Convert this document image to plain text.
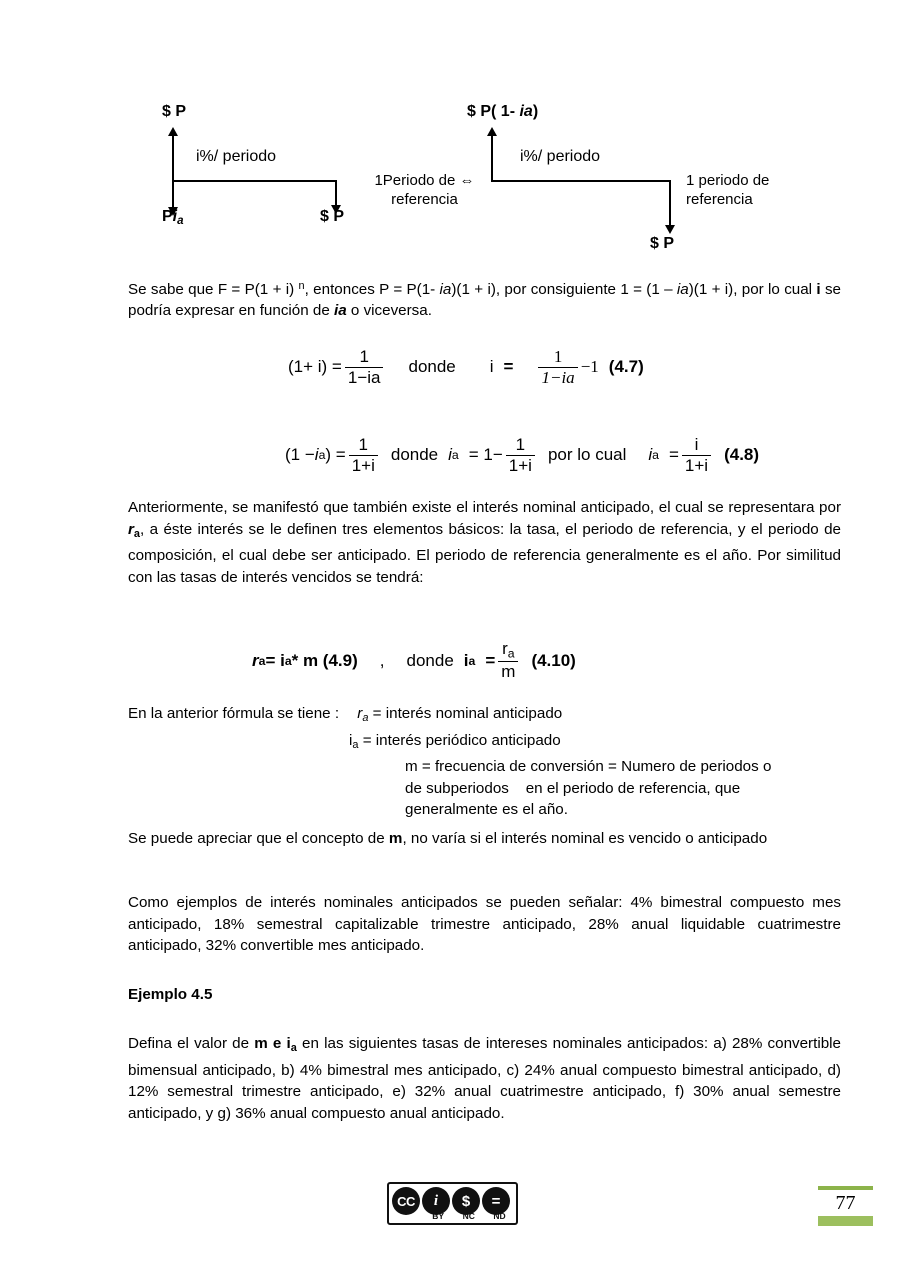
$ P
i%/ periodo
$Pi_a$	$ P
1Periodo de ⇔
referencia
$ P( 1- ia)
i%/ periodo
1 periodo de
referencia
$ P
Se sabe que F = P(1 + i) $^n$, entonces P = P(1- ia)(1 + i), por consiguiente 1 = (1 – ia)(1 + i), por lo cual i se podría expresar en función de ia o viceversa.
$(1+ i) = \frac{1}{1-ia}$ donde $i = \frac{1}{1-ia} -1$ (4.7)
(1 − i a ) = $\frac{1}{1+i}$ donde i $a = 1- \frac{1}{1+i}$ por lo cual i $a = \frac{i}{1+i} (4.8)$
Anteriormente, se manifestó que también existe el interés nominal anticipado, el cual se representara por $r_a$, a éste interés se le definen tres elementos básicos: la tasa, el periodo de referencia, y el periodo de composición, el cual debe ser anticipado. El periodo de referencia generalmente es el año. Por similitud con las tasas de interés vencidos se tendrá:
r a = i a * m (4.9) , donde i $a = \frac{r_a}{m} (4.10)$
En la anterior fórmula se tiene : $r_a$ = interés nominal anticipado
$i_a$ = interés periódico anticipado
m = frecuencia de conversión = Numero de periodos o
de subperiodos    en el periodo de referencia, que
generalmente es el año.
Se puede apreciar que el concepto de m, no varía si el interés nominal es vencido o anticipado
Como ejemplos de interés nominales anticipados se pueden señalar: 4% bimestral compuesto mes anticipado, 18% semestral capitalizable trimestre anticipado, 28% anual liquidable cuatrimestre anticipado, 32% convertible mes anticipado.
Ejemplo 4.5
Defina el valor de m e $i_a$ en las siguientes tasas de intereses nominales anticipados: a) 28% convertible bimensual anticipado, b) 4% bimestral mes anticipado, c) 24% anual compuesto bimestral anticipado, d) 12% semestral trimestre anticipado, e) 32% anual cuatrimestre anticipado, f) 30% anual semestre anticipado, y g) 36% anual compuesto anual anticipado.
CC i $ =
BY NC ND
77
